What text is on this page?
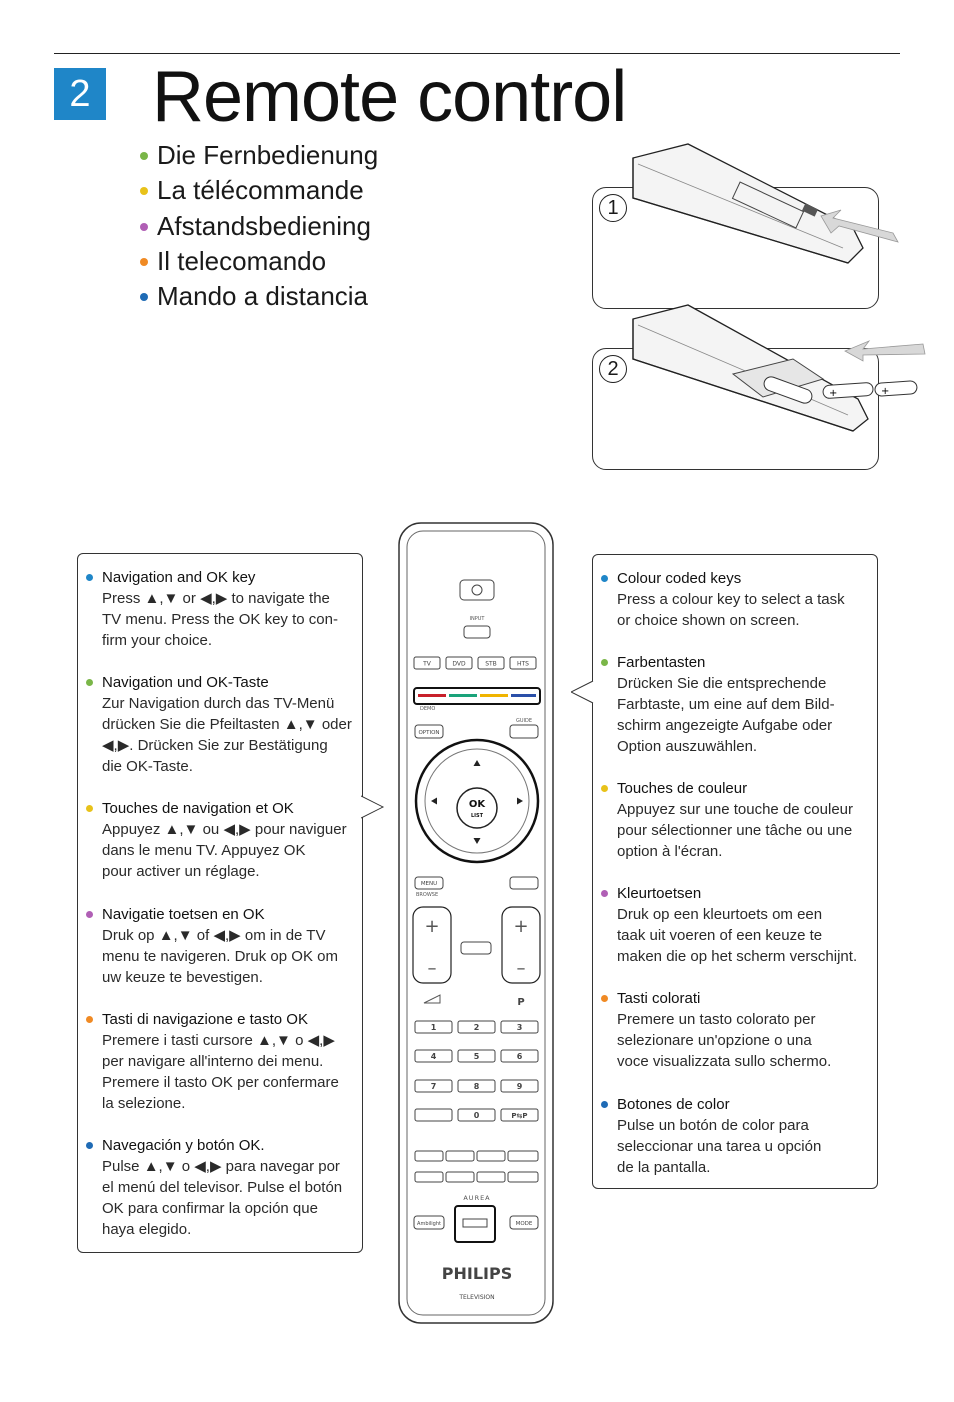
2 Remote control
Die Fernbedienung
La télécommande
Afstandsbediening
Il telecomando
Mando a distancia
1
2
+	+
Navigation and OK key
Press ▲,▼ or ◀,▶ to navigate the
TV menu. Press the OK key to con-
firm your choice.
Navigation und OK-Taste
Zur Navigation durch das TV-Menü
drücken Sie die Pfeiltasten ▲,▼ oder
◀,▶. Drücken Sie zur Bestätigung
die OK-Taste.
Touches de navigation et OK
Appuyez ▲,▼ ou ◀,▶ pour naviguer
dans le menu TV. Appuyez OK
pour activer un réglage.
Navigatie toetsen en OK
Druk op ▲,▼ of ◀,▶ om in de TV
menu te navigeren. Druk op OK om
uw keuze te bevestigen.
Tasti di navigazione e tasto OK
Premere i tasti cursore ▲,▼ o ◀,▶
per navigare all'interno dei menu.
Premere il tasto OK per confermare
la selezione.
Navegación y botón OK.
Pulse ▲,▼ o ◀,▶ para navegar por
el menú del televisor. Pulse el botón
OK para confirmar la opción que
haya elegido.
Colour coded keys
Press a colour key to select a task
or choice shown on screen.
Farbentasten
Drücken Sie die entsprechende
Farbtaste, um eine auf dem Bild-
schirm angezeigte Aufgabe oder
Option auszuwählen.
Touches de couleur
Appuyez sur une touche de couleur
pour sélectionner une tâche ou une
option à l'écran.
Kleurtoetsen
Druk op een kleurtoets om een
taak uit voeren of een keuze te
maken die op het scherm verschijnt.
Tasti colorati
Premere un tasto colorato per
selezionare un'opzione o una
voce visualizzata sullo schermo.
Botones de color
Pulse un botón de color para
seleccionar una tarea u opción
de la pantalla.
INPUT
TV	DVD	STB	HTS
DEMO
GUIDE
OPTION
OK
LIST
MENU
BROWSE
+
–
+
–
P
1	2	3
4	5	6
7	8	9
0	P⇆P
AUREA
Ambilight	MODE
PHILIPS
TELEVISION
